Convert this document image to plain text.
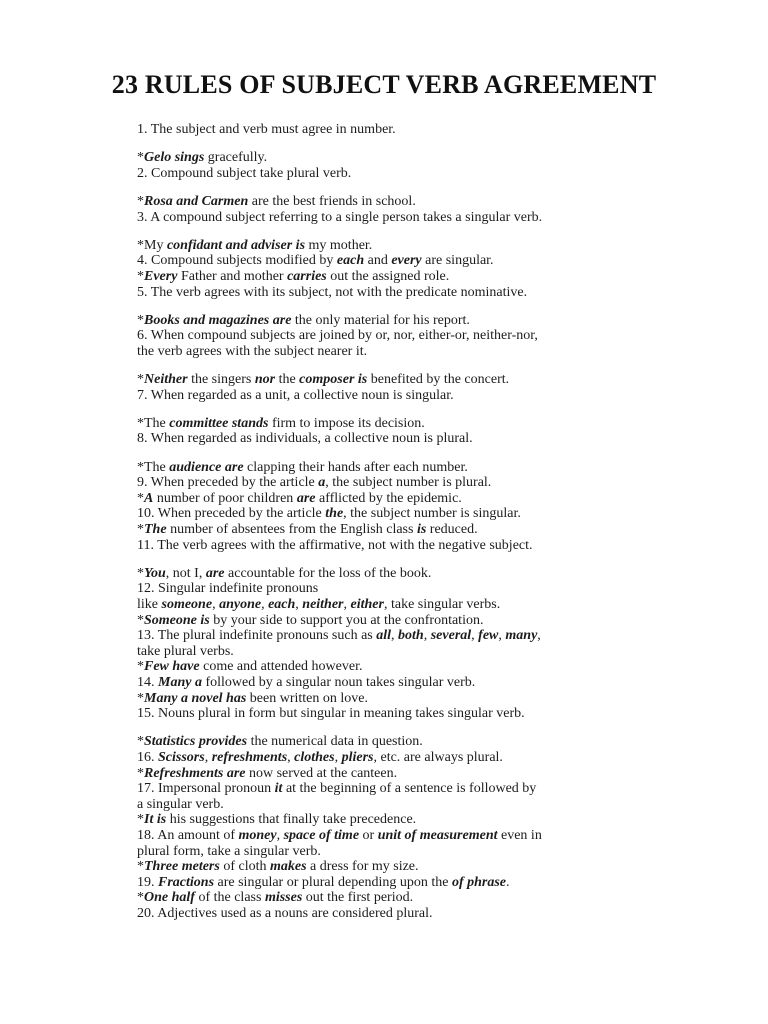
23 RULES OF SUBJECT VERB AGREEMENT
1. The subject and verb must agree in number.
*Gelo sings gracefully.
2. Compound subject take plural verb.
*Rosa and Carmen are the best friends in school.
3. A compound subject referring to a single person takes a singular verb.
*My confidant and adviser is my mother.
4. Compound subjects modified by each and every are singular.
*Every Father and mother carries out the assigned role.
5. The verb agrees with its subject, not with the predicate nominative.
*Books and magazines are the only material for his report.
6. When compound subjects are joined by or, nor, either-or, neither-nor,
the verb agrees with the subject nearer it.
*Neither the singers nor the composer is benefited by the concert.
7. When regarded as a unit, a collective noun is singular.
*The committee stands firm to impose its decision.
8. When regarded as individuals, a collective noun is plural.
*The audience are clapping their hands after each number.
9. When preceded by the article a, the subject number is plural.
*A number of poor children are afflicted by the epidemic.
10. When preceded by the article the, the subject number is singular.
*The number of absentees from the English class is reduced.
11. The verb agrees with the affirmative, not with the negative subject.
*You, not I, are accountable for the loss of the book.
12. Singular indefinite pronouns
like someone, anyone, each, neither, either, take singular verbs.
*Someone is by your side to support you at the confrontation.
13. The plural indefinite pronouns such as all, both, several, few, many,
take plural verbs.
*Few have come and attended however.
14. Many a followed by a singular noun takes singular verb.
*Many a novel has been written on love.
15. Nouns plural in form but singular in meaning takes singular verb.
*Statistics provides the numerical data in question.
16. Scissors, refreshments, clothes, pliers, etc. are always plural.
*Refreshments are now served at the canteen.
17. Impersonal pronoun it at the beginning of a sentence is followed by
a singular verb.
*It is his suggestions that finally take precedence.
18. An amount of money, space of time or unit of measurement even in
plural form, take a singular verb.
*Three meters of cloth makes a dress for my size.
19. Fractions are singular or plural depending upon the of phrase.
*One half of the class misses out the first period.
20. Adjectives used as a nouns are considered plural.
